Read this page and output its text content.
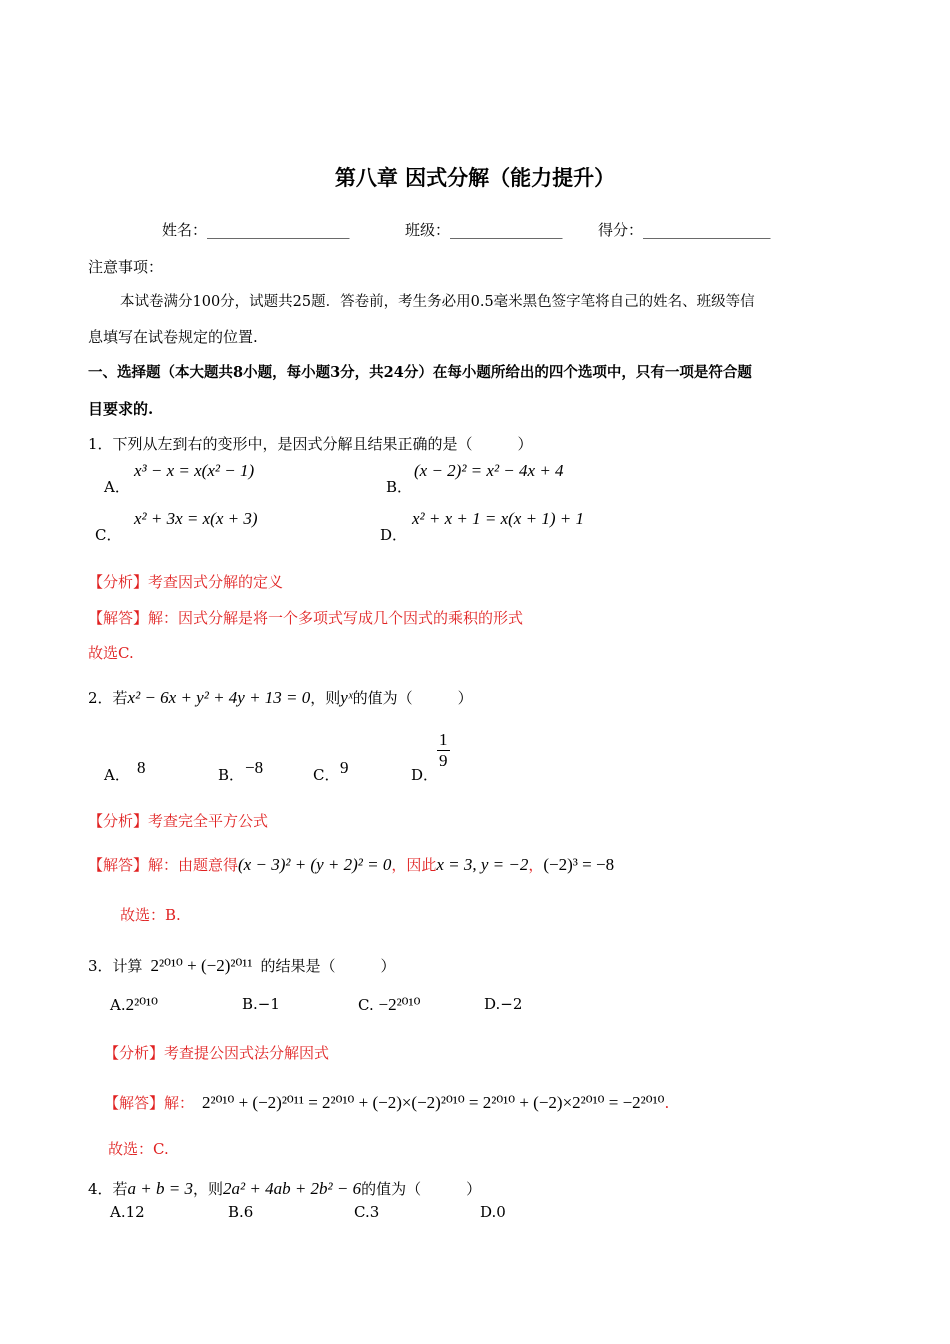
第八章 因式分解（能力提升）
姓名：___________________	班级：_______________ 得分：_________________
注意事项：
本试卷满分100分，试题共25题．答卷前，考生务必用0.5毫米黑色签字笔将自己的姓名、班级等信
息填写在试卷规定的位置.
一、选择题（本大题共8小题，每小题3分，共24分）在每小题所给出的四个选项中，只有一项是符合题
目要求的.
1．下列从左到右的变形中，是因式分解且结果正确的是（　　　）
A．
x³ − x = x(x² − 1)
B．
(x − 2)² = x² − 4x + 4
C．
x² + 3x = x(x + 3)
D．
x² + x + 1 = x(x + 1) + 1
【分析】考查因式分解的定义
【解答】解：因式分解是将一个多项式写成几个因式的乘积的形式
故选C.
2．若x² − 6x + y² + 4y + 13 = 0，则yˣ的值为（　　　）
A． 8	B． −8	C． 9	D．
$\frac{1}{9}$
【分析】考查完全平方公式
【解答】解：由题意得(x − 3)² + (y + 2)² = 0，因此x = 3, y = −2，(−2)³ = −8
故选：B.
3．计算 2²⁰¹⁰ + (−2)²⁰¹¹ 的结果是（　　　）
A.2²⁰¹⁰	B.−1	C. −2²⁰¹⁰	D.−2
【分析】考查提公因式法分解因式
【解答】解： 2²⁰¹⁰ + (−2)²⁰¹¹ = 2²⁰¹⁰ + (−2)×(−2)²⁰¹⁰ = 2²⁰¹⁰ + (−2)×2²⁰¹⁰ = −2²⁰¹⁰.
故选：C.
4．若a + b = 3，则2a² + 4ab + 2b² − 6的值为（　　　）
A.12	B.6	C.3	D.0
